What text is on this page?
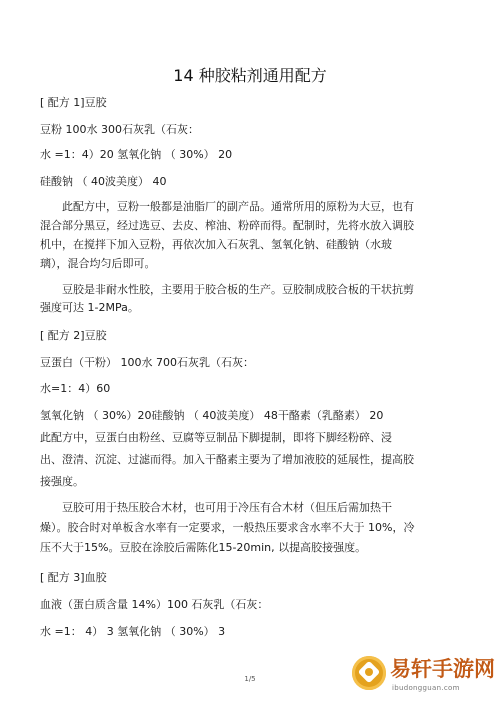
14 种胶粘剂通用配方
[ 配方 1]豆胶
豆粉 100水 300石灰乳（石灰：
水 =1：4）20 氢氧化钠 （ 30%） 20
硅酸钠 （ 40波美度） 40
此配方中，豆粉一般都是油脂厂的副产品。通常所用的原粉为大豆，也有
混合部分黑豆，经过选豆、去皮、榨油、粉碎而得。配制时，先将水放入调胶
机中，在搅拌下加入豆粉，再依次加入石灰乳、氢氧化钠、硅酸钠（水玻
璃），混合均匀后即可。
豆胶是非耐水性胶，主要用于胶合板的生产。豆胶制成胶合板的干状抗剪
强度可达 1-2MPa。
[ 配方 2]豆胶
豆蛋白（干粉） 100水 700石灰乳（石灰：
水=1：4）60
氢氧化钠 （ 30%）20硅酸钠 （ 40波美度） 48干酪素（乳酪素） 20
此配方中，豆蛋白由粉丝、豆腐等豆制品下脚提制，即将下脚经粉碎、浸
出、澄清、沉淀、过滤而得。加入干酪素主要为了增加液胶的延展性，提高胶
接强度。
豆胶可用于热压胶合木材，也可用于冷压有合木材（但压后需加热干
燥）。胶合时对单板含水率有一定要求，一般热压要求含水率不大于 10%，冷
压不大于15%。豆胶在涂胶后需陈化15-20min, 以提高胶接强度。
[ 配方 3]血胶
血液（蛋白质含量 14%）100 石灰乳（石灰：
水 =1： 4） 3 氢氧化钠 （ 30%） 3
1/5	易轩手游网
ibudongguan.com
